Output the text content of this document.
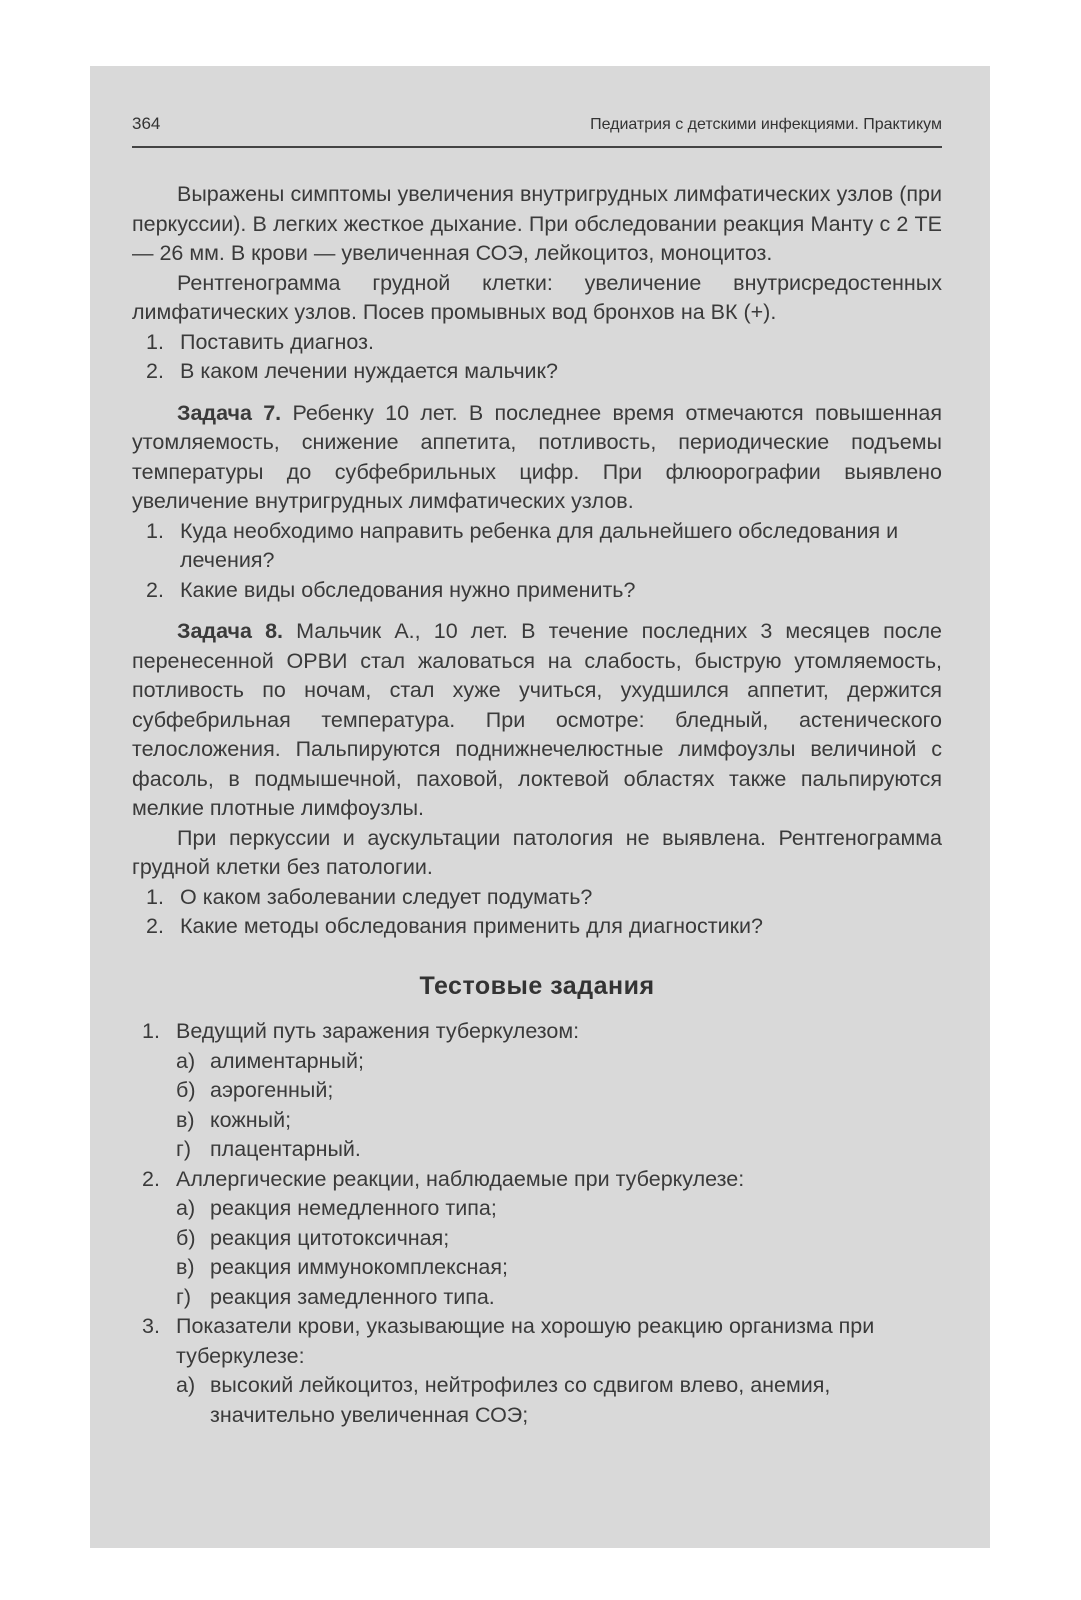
364	Педиатрия с детскими инфекциями. Практикум

Выражены симптомы увеличения внутригрудных лимфатических узлов (при перкуссии). В легких жесткое дыхание. При обследовании реакция Манту с 2 ТЕ — 26 мм. В крови — увеличенная СОЭ, лейкоцитоз, моноцитоз.

Рентгенограмма грудной клетки: увеличение внутрисредостенных лимфатических узлов. Посев промывных вод бронхов на ВК (+).

1. Поставить диагноз.
2. В каком лечении нуждается мальчик?

Задача 7. Ребенку 10 лет. В последнее время отмечаются повышенная утомляемость, снижение аппетита, потливость, периодические подъемы температуры до субфебрильных цифр. При флюорографии выявлено увеличение внутригрудных лимфатических узлов.

1. Куда необходимо направить ребенка для дальнейшего обследования и лечения?
2. Какие виды обследования нужно применить?

Задача 8. Мальчик А., 10 лет. В течение последних 3 месяцев после перенесенной ОРВИ стал жаловаться на слабость, быструю утомляемость, потливость по ночам, стал хуже учиться, ухудшился аппетит, держится субфебрильная температура. При осмотре: бледный, астенического телосложения. Пальпируются поднижнечелюстные лимфоузлы величиной с фасоль, в подмышечной, паховой, локтевой областях также пальпируются мелкие плотные лимфоузлы.

При перкуссии и аускультации патология не выявлена. Рентгенограмма грудной клетки без патологии.

1. О каком заболевании следует подумать?
2. Какие методы обследования применить для диагностики?
Тестовые задания
1. Ведущий путь заражения туберкулезом:
а) алиментарный;
б) аэрогенный;
в) кожный;
г) плацентарный.
2. Аллергические реакции, наблюдаемые при туберкулезе:
а) реакция немедленного типа;
б) реакция цитотоксичная;
в) реакция иммунокомплексная;
г) реакция замедленного типа.
3. Показатели крови, указывающие на хорошую реакцию организма при туберкулезе:
а) высокий лейкоцитоз, нейтрофилез со сдвигом влево, анемия, значительно увеличенная СОЭ;
